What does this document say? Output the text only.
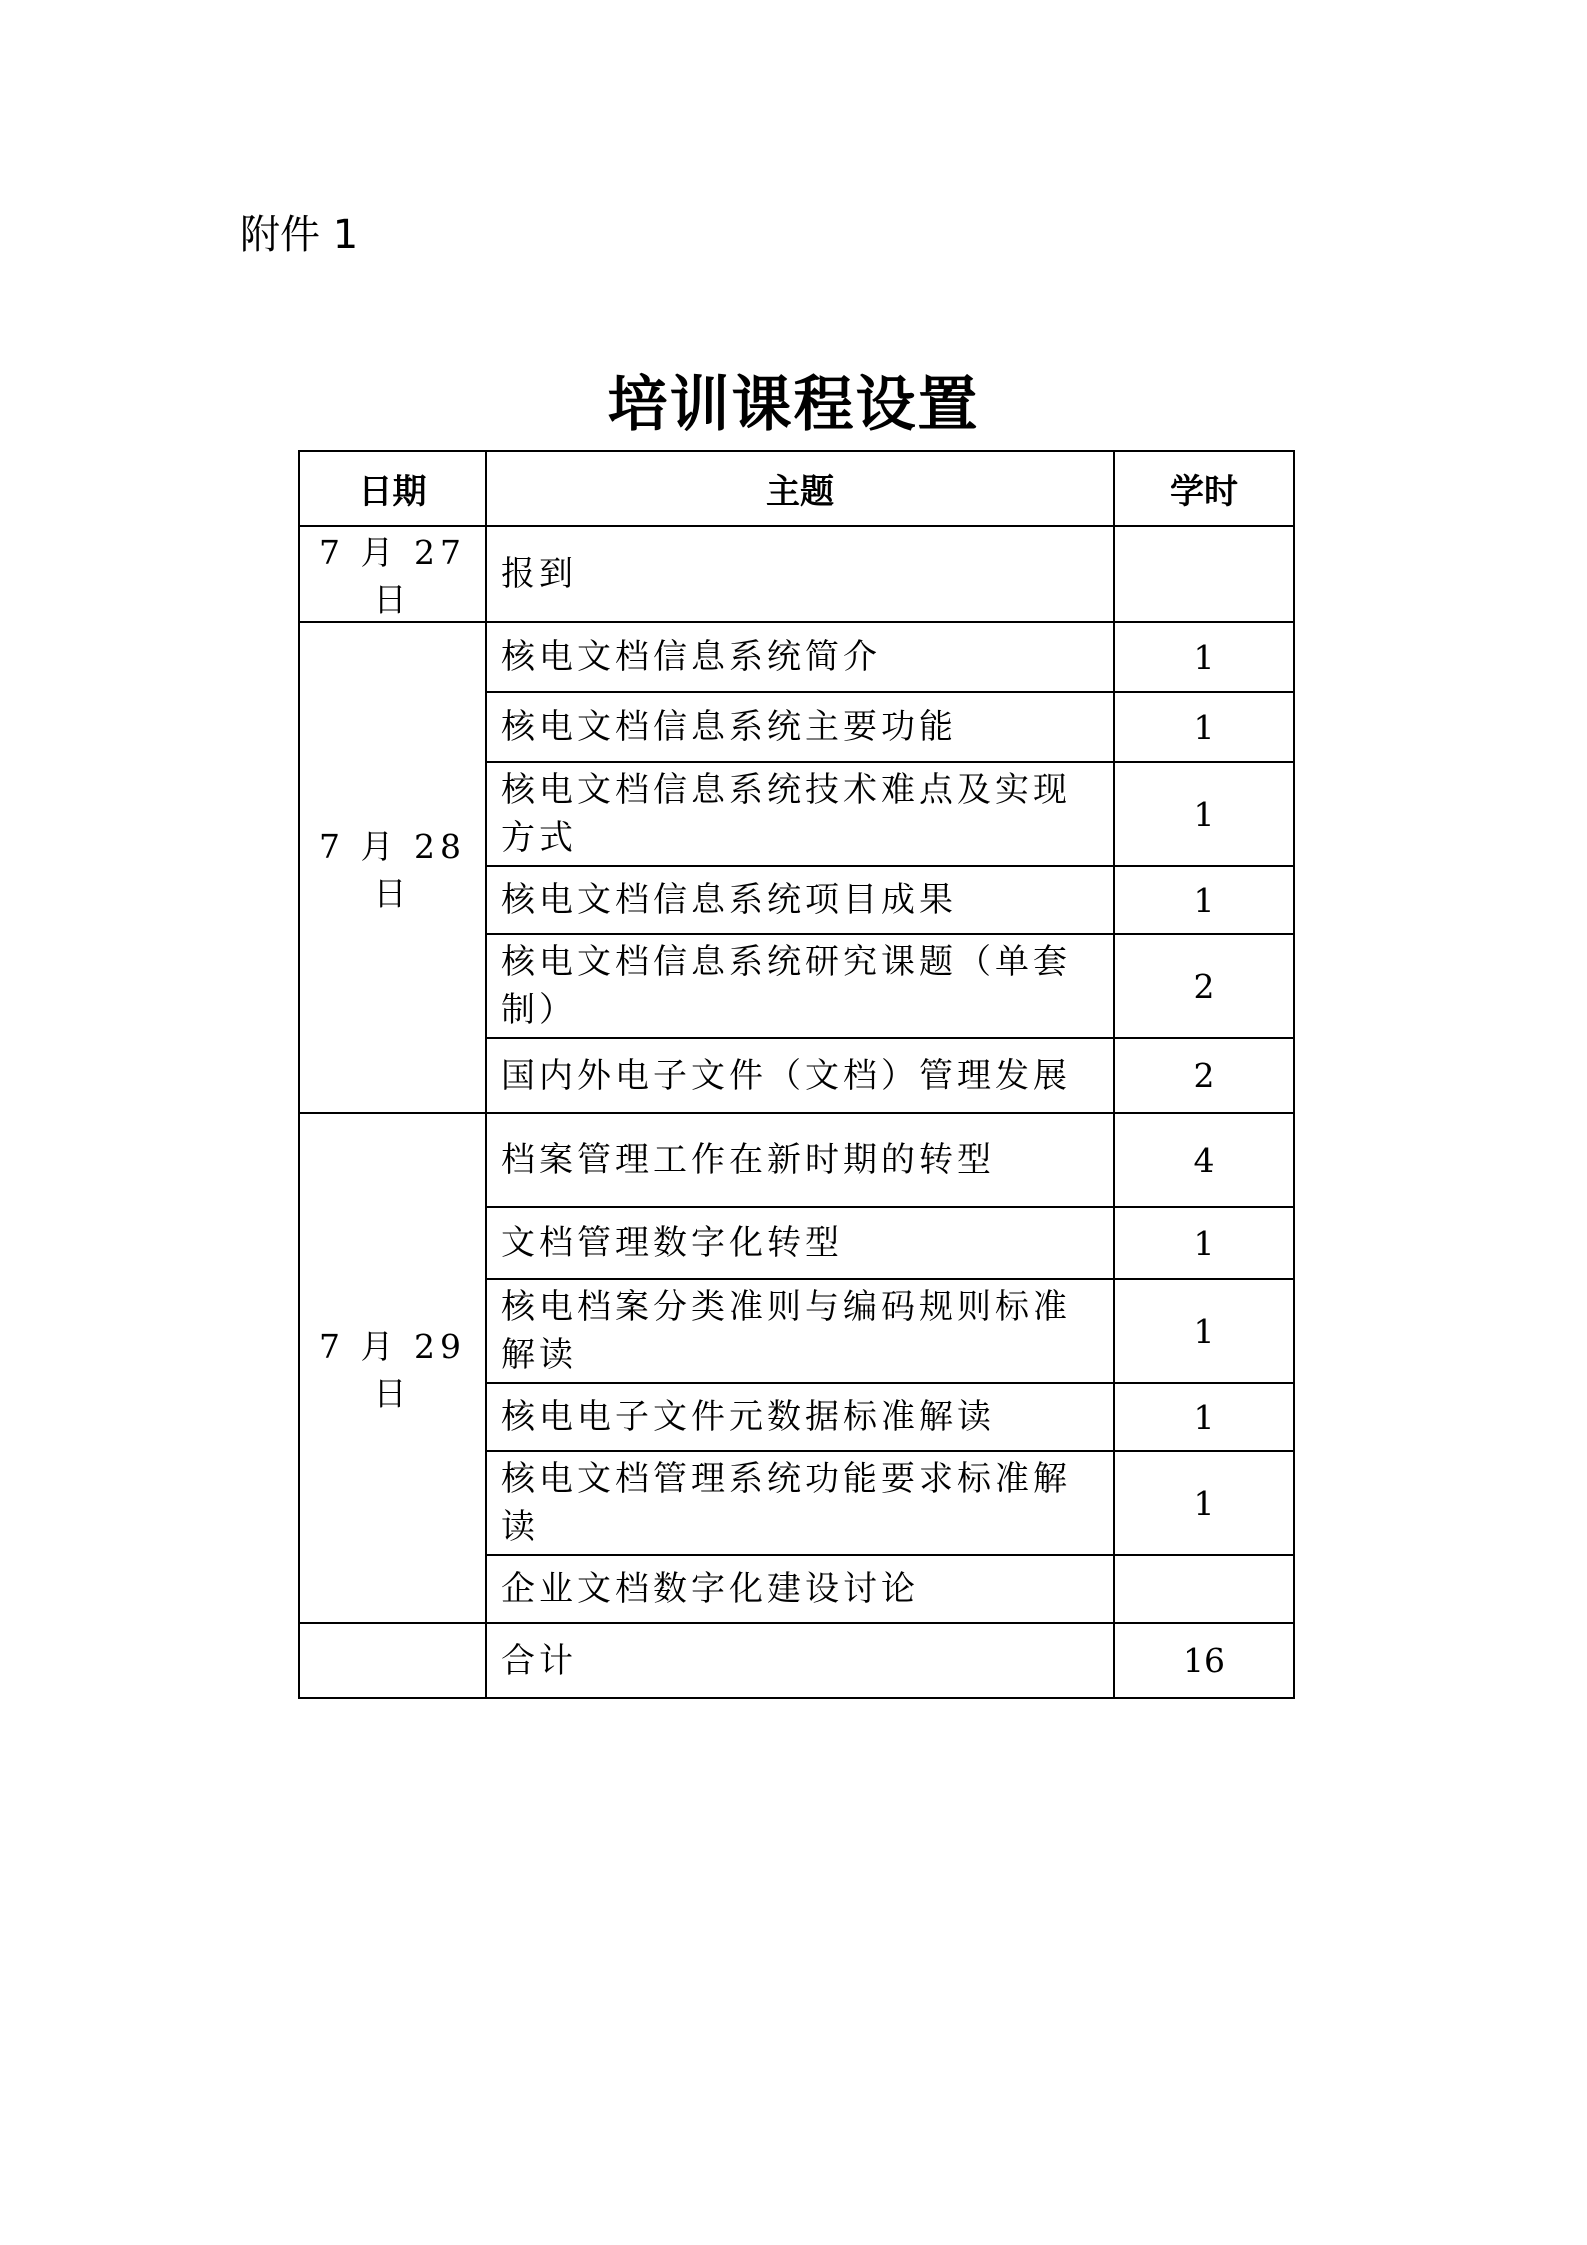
附件 1
培训课程设置
日期	主题	学时
7 月 27 日	报到	
7 月 28 日	核电文档信息系统简介	1
	核电文档信息系统主要功能	1
	核电文档信息系统技术难点及实现方式	1
	核电文档信息系统项目成果	1
	核电文档信息系统研究课题（单套制）	2
	国内外电子文件（文档）管理发展	2
7 月 29 日	档案管理工作在新时期的转型	4
	文档管理数字化转型	1
	核电档案分类准则与编码规则标准解读	1
	核电电子文件元数据标准解读	1
	核电文档管理系统功能要求标准解读	1
	企业文档数字化建设讨论	
	合计	16
